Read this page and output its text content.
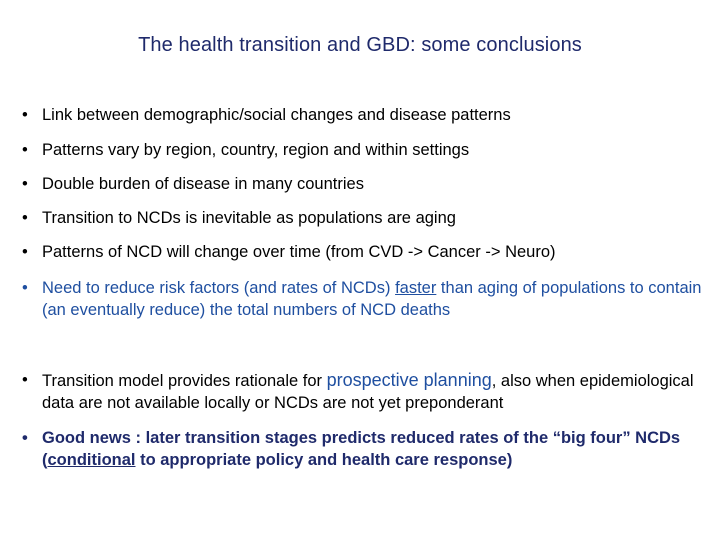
The health transition and GBD: some conclusions
• Link between demographic/social changes and disease patterns
• Patterns vary by region, country, region and within settings
• Double burden of disease in many countries
• Transition to NCDs is inevitable as populations are aging
• Patterns of NCD will change over time (from CVD -> Cancer -> Neuro)
• Need to reduce risk factors (and rates of NCDs) faster than aging of populations to contain (an eventually reduce) the total numbers of NCD deaths
• Transition model provides rationale for prospective planning, also when epidemiological data are not available locally or NCDs are not yet preponderant
• Good news : later transition stages predicts reduced rates of the “big four” NCDs (conditional to appropriate policy and health care response)
